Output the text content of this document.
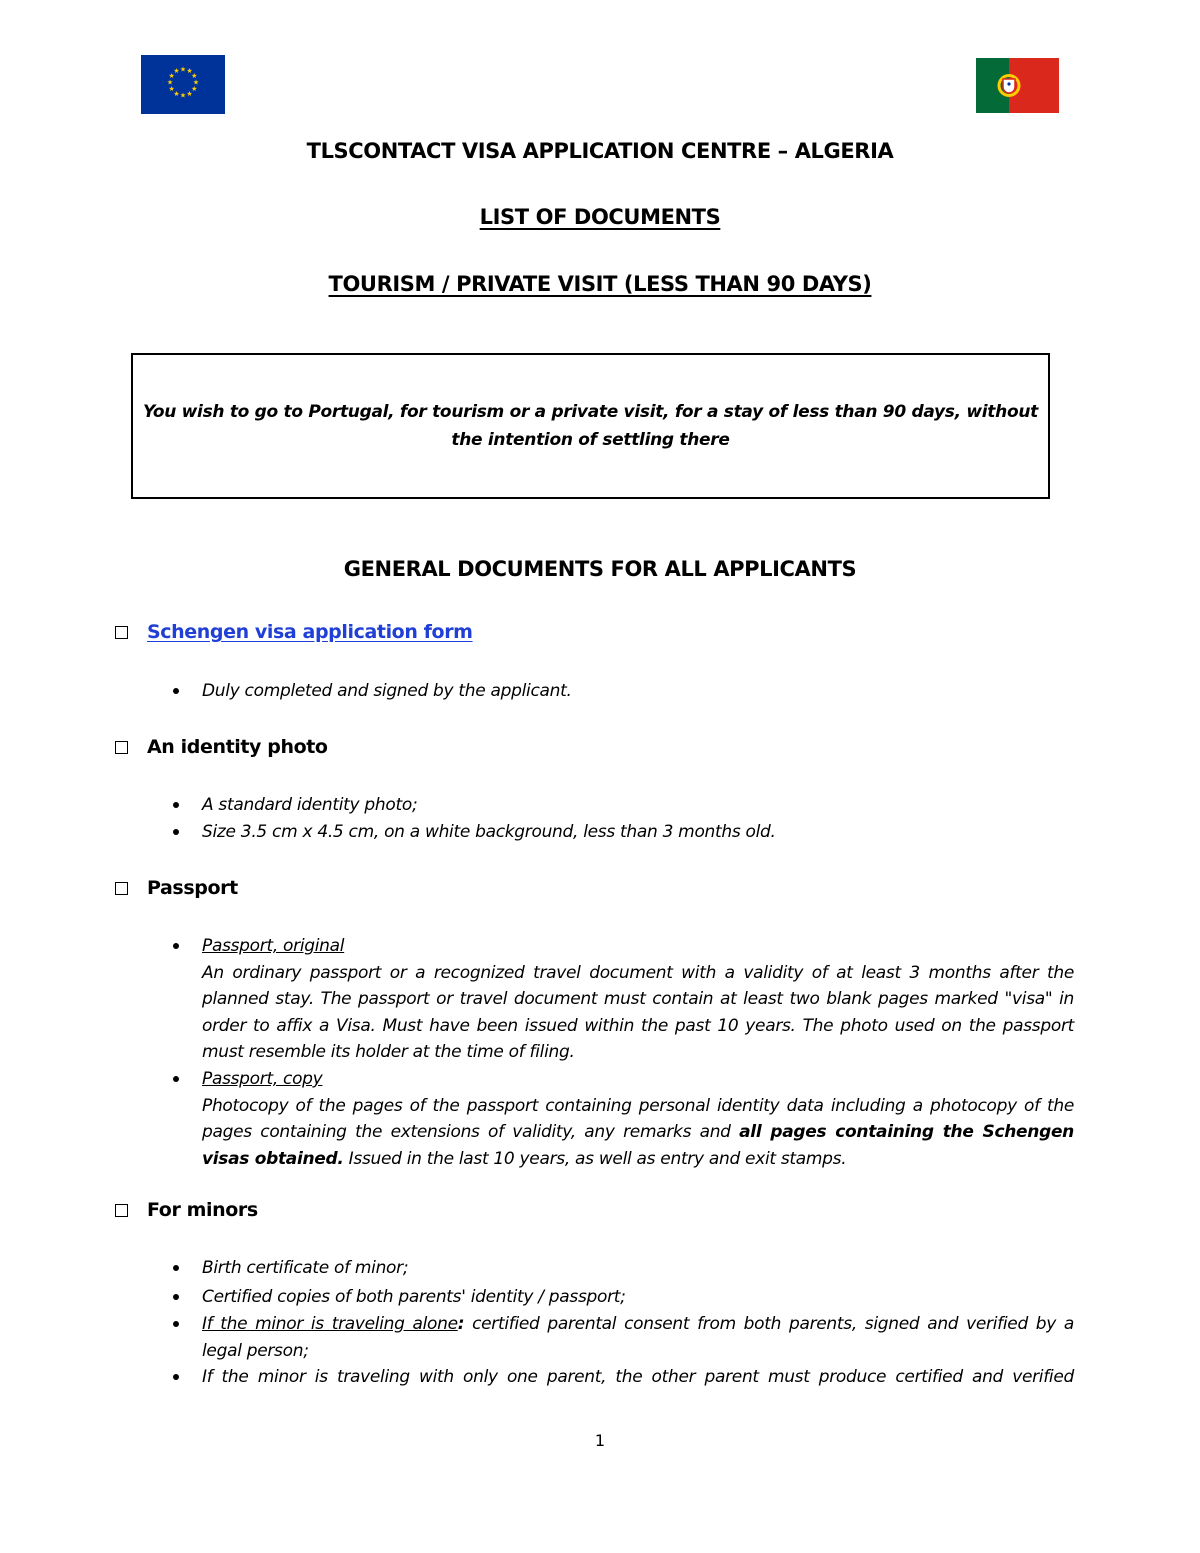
★ ★
★
★
★
★
★
★
★
★
★
★
TLSCONTACT VISA APPLICATION CENTRE – ALGERIA
LIST OF DOCUMENTS
TOURISM / PRIVATE VISIT (LESS THAN 90 DAYS)

You wish to go to Portugal, for tourism or a private visit, for a stay of less than 90 days, without the intention of settling there

GENERAL DOCUMENTS FOR ALL APPLICANTS
Schengen visa application form
Duly completed and signed by the applicant.
An identity photo
A standard identity photo;
Size 3.5 cm x 4.5 cm, on a white background, less than 3 months old.
Passport
Passport, original

An ordinary passport or a recognized travel document with a validity of at least 3 months after the planned stay. The passport or travel document must contain at least two blank pages marked "visa" in order to affix a Visa. Must have been issued within the past 10 years. The photo used on the passport must resemble its holder at the time of filing.
Passport, copy

Photocopy of the pages of the passport containing personal identity data including a photocopy of the pages containing the extensions of validity, any remarks and all pages containing the Schengen visas obtained. Issued in the last 10 years, as well as entry and exit stamps.
For minors
Birth certificate of minor;
Certified copies of both parents' identity / passport;
If the minor is traveling alone: certified parental consent from both parents, signed and verified by a legal person;
If the minor is traveling with only one parent, the other parent must produce certified and verified
1
